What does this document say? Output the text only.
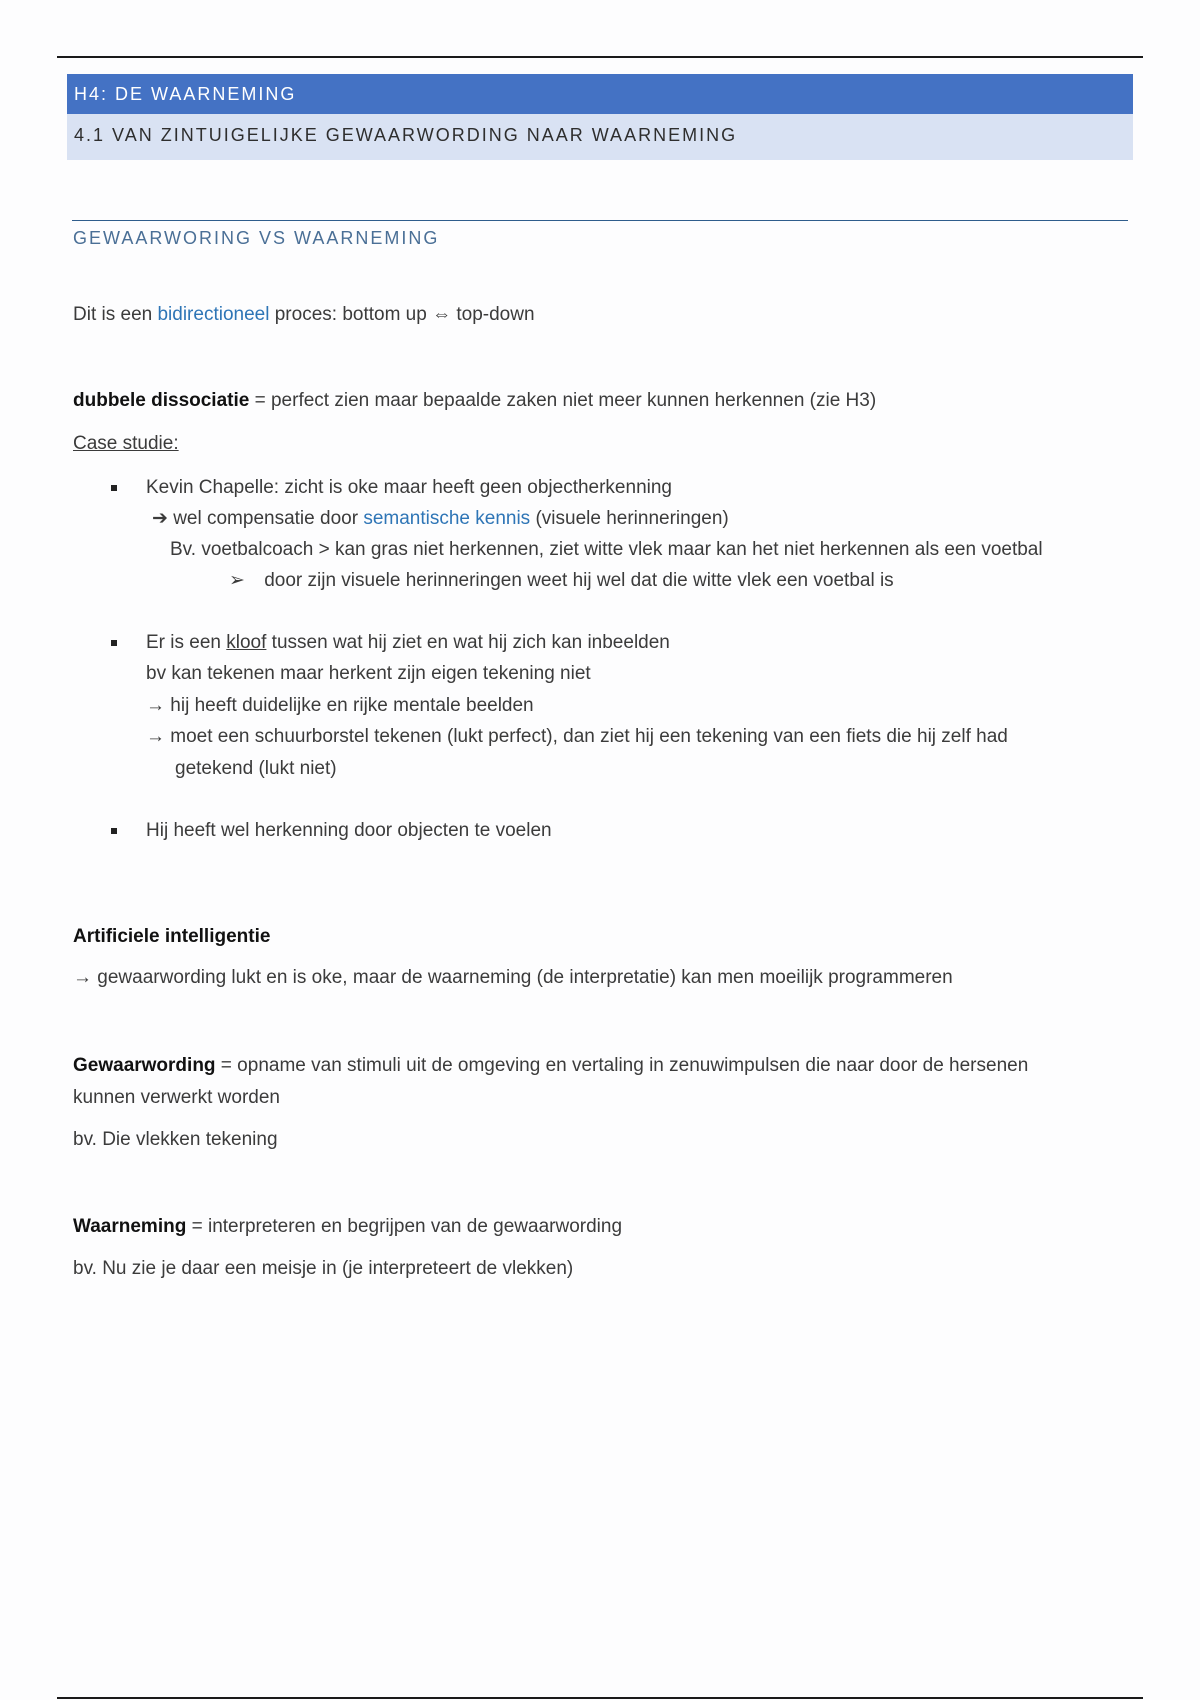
H4: DE WAARNEMING
4.1 VAN ZINTUIGELIJKE GEWAARWORDING NAAR WAARNEMING
GEWAARWORING VS WAARNEMING
Dit is een bidirectioneel proces: bottom up ⇔ top-down
dubbele dissociatie = perfect zien maar bepaalde zaken niet meer kunnen herkennen (zie H3)
Case studie:
Kevin Chapelle: zicht is oke maar heeft geen objectherkenning
➔ wel compensatie door semantische kennis (visuele herinneringen)
Bv. voetbalcoach > kan gras niet herkennen, ziet witte vlek maar kan het niet herkennen als een voetbal
➢ door zijn visuele herinneringen weet hij wel dat die witte vlek een voetbal is
Er is een kloof tussen wat hij ziet en wat hij zich kan inbeelden
bv kan tekenen maar herkent zijn eigen tekening niet
→ hij heeft duidelijke en rijke mentale beelden
→ moet een schuurborstel tekenen (lukt perfect), dan ziet hij een tekening van een fiets die hij zelf had
getekend (lukt niet)
Hij heeft wel herkenning door objecten te voelen
Artificiele intelligentie
→ gewaarwording lukt en is oke, maar de waarneming (de interpretatie) kan men moeilijk programmeren
Gewaarwording = opname van stimuli uit de omgeving en vertaling in zenuwimpulsen die naar door de hersenen
kunnen verwerkt worden
bv. Die vlekken tekening
Waarneming = interpreteren en begrijpen van de gewaarwording
bv. Nu zie je daar een meisje in (je interpreteert de vlekken)
